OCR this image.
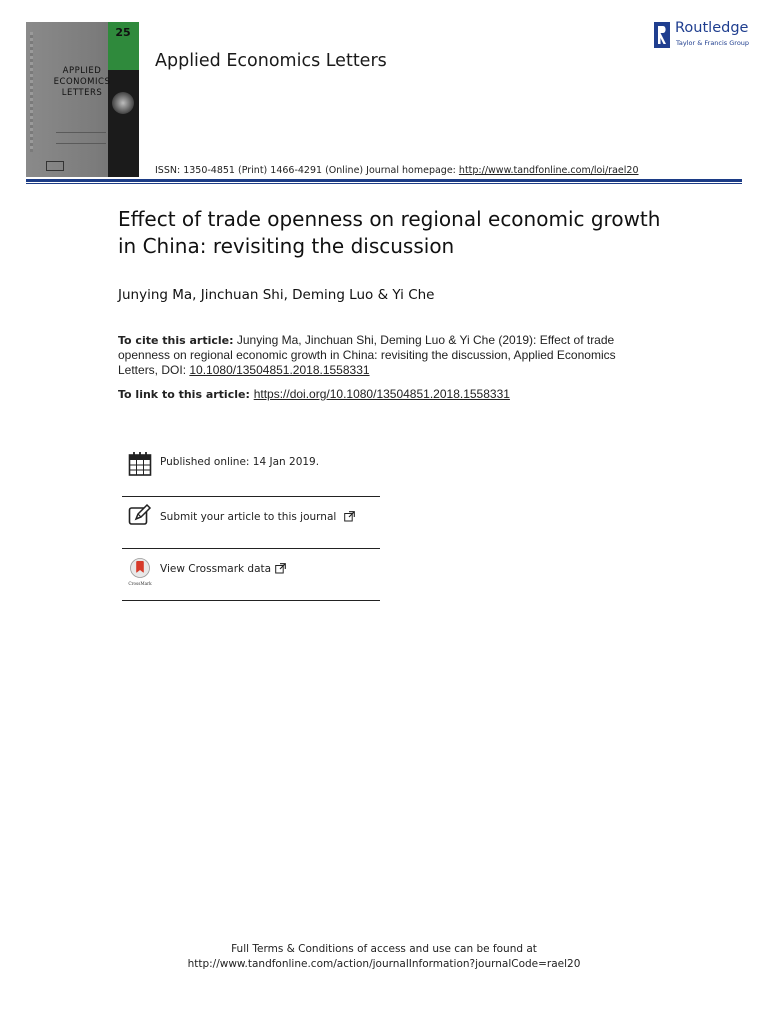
25
APPLIED
ECONOMICS
LETTERS
Applied Economics Letters
Routledge
Taylor & Francis Group
ISSN: 1350-4851 (Print) 1466-4291 (Online) Journal homepage: http://www.tandfonline.com/loi/rael20
Effect of trade openness on regional economic growth in China: revisiting the discussion
Junying Ma, Jinchuan Shi, Deming Luo & Yi Che
To cite this article: Junying Ma, Jinchuan Shi, Deming Luo & Yi Che (2019): Effect of trade openness on regional economic growth in China: revisiting the discussion, Applied Economics Letters, DOI: 10.1080/13504851.2018.1558331
To link to this article: https://doi.org/10.1080/13504851.2018.1558331
Published online: 14 Jan 2019.
Submit your article to this journal
CrossMark
View Crossmark data
Full Terms & Conditions of access and use can be found at
http://www.tandfonline.com/action/journalInformation?journalCode=rael20
